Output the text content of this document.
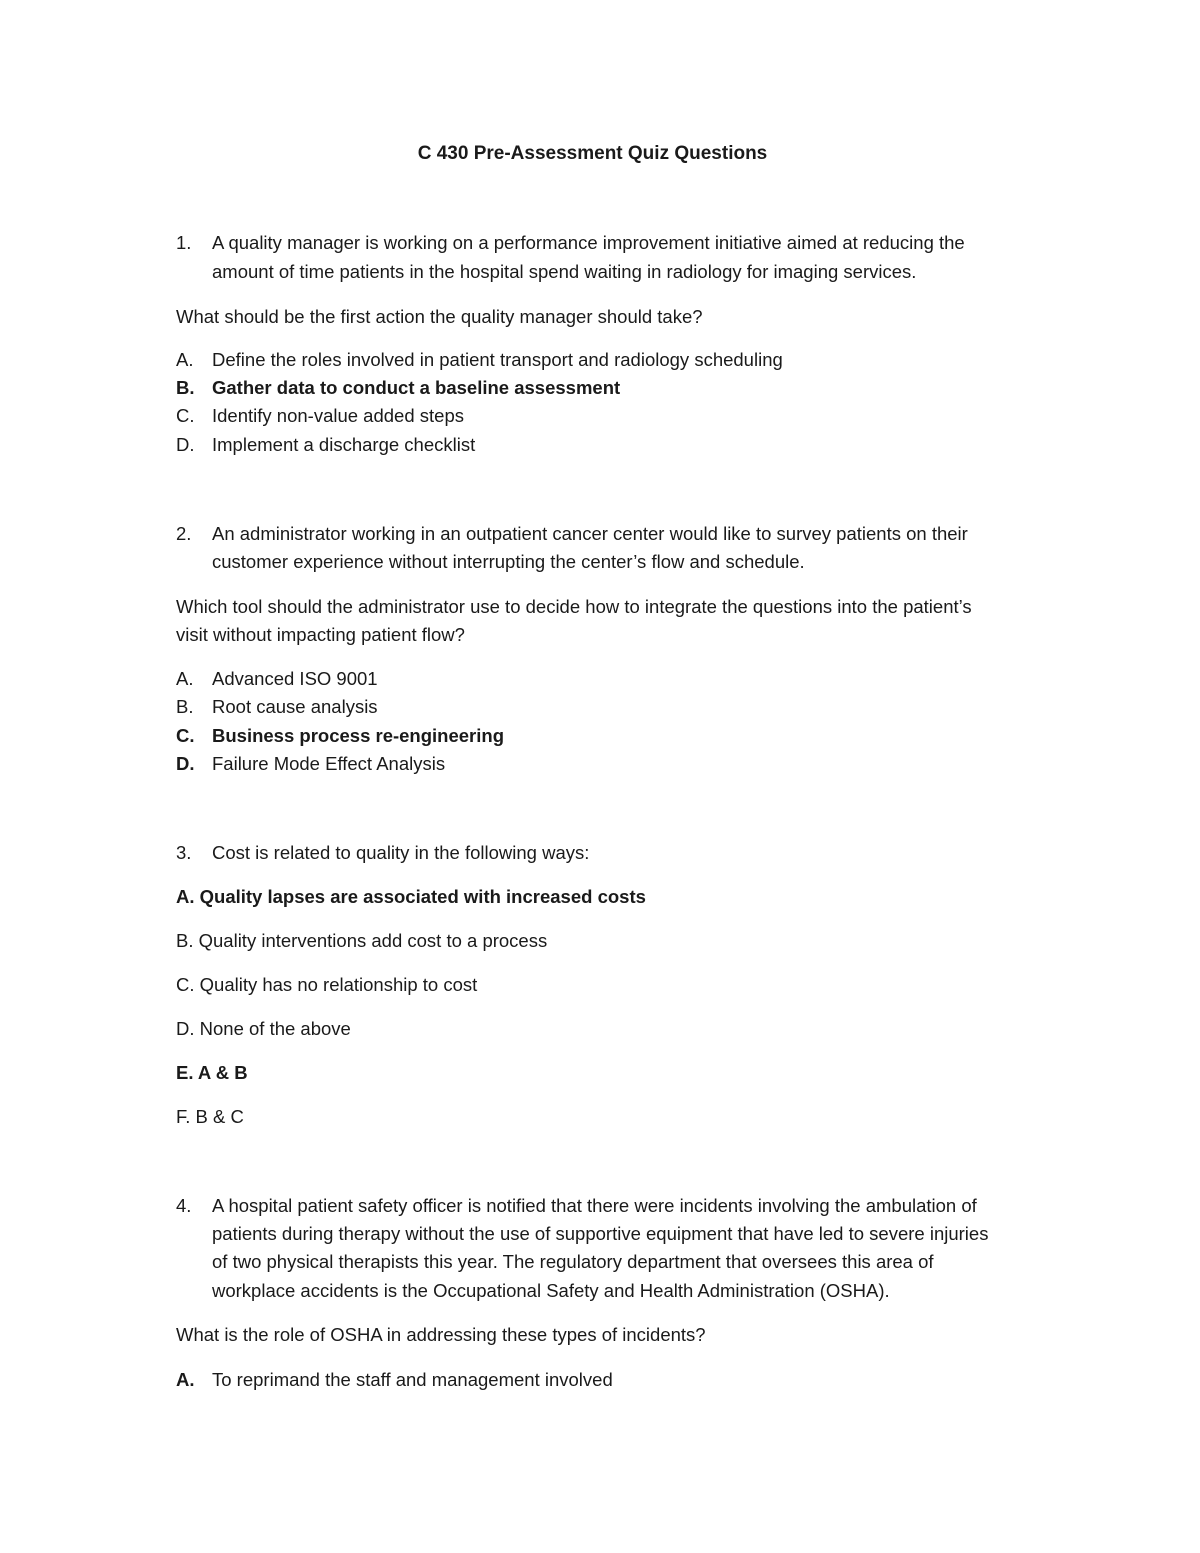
C 430 Pre-Assessment Quiz Questions
1. A quality manager is working on a performance improvement initiative aimed at reducing the
amount of time patients in the hospital spend waiting in radiology for imaging services.
What should be the first action the quality manager should take?
A. Define the roles involved in patient transport and radiology scheduling
B. Gather data to conduct a baseline assessment
C. Identify non-value added steps
D. Implement a discharge checklist
2. An administrator working in an outpatient cancer center would like to survey patients on their
customer experience without interrupting the center’s flow and schedule.
Which tool should the administrator use to decide how to integrate the questions into the patient’s
visit without impacting patient flow?
A. Advanced ISO 9001
B. Root cause analysis
C. Business process re-engineering
D. Failure Mode Effect Analysis
3. Cost is related to quality in the following ways:
A. Quality lapses are associated with increased costs
B. Quality interventions add cost to a process
C. Quality has no relationship to cost
D. None of the above
E. A & B
F. B & C
4. A hospital patient safety officer is notified that there were incidents involving the ambulation of
patients during therapy without the use of supportive equipment that have led to severe injuries
of two physical therapists this year. The regulatory department that oversees this area of
workplace accidents is the Occupational Safety and Health Administration (OSHA).
What is the role of OSHA in addressing these types of incidents?
A. To reprimand the staff and management involved
